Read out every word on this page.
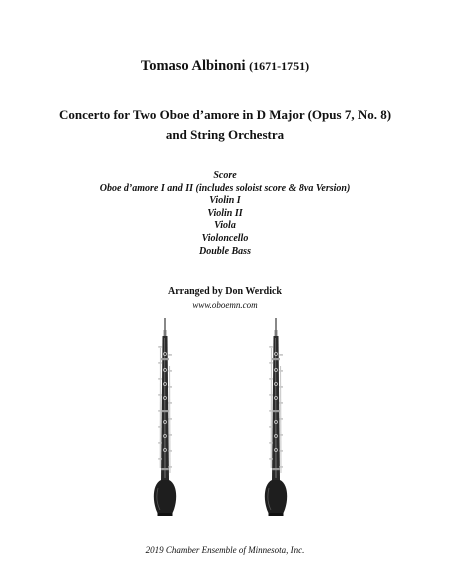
Tomaso Albinoni (1671-1751)
Concerto for Two Oboe d’amore in D Major (Opus 7, No. 8)
and String Orchestra
Score
Oboe d’amore I and II (includes soloist score & 8va Version)
Violin I
Violin II
Viola
Violoncello
Double Bass
Arranged by Don Werdick
www.oboemn.com
2019 Chamber Ensemble of Minnesota, Inc.
